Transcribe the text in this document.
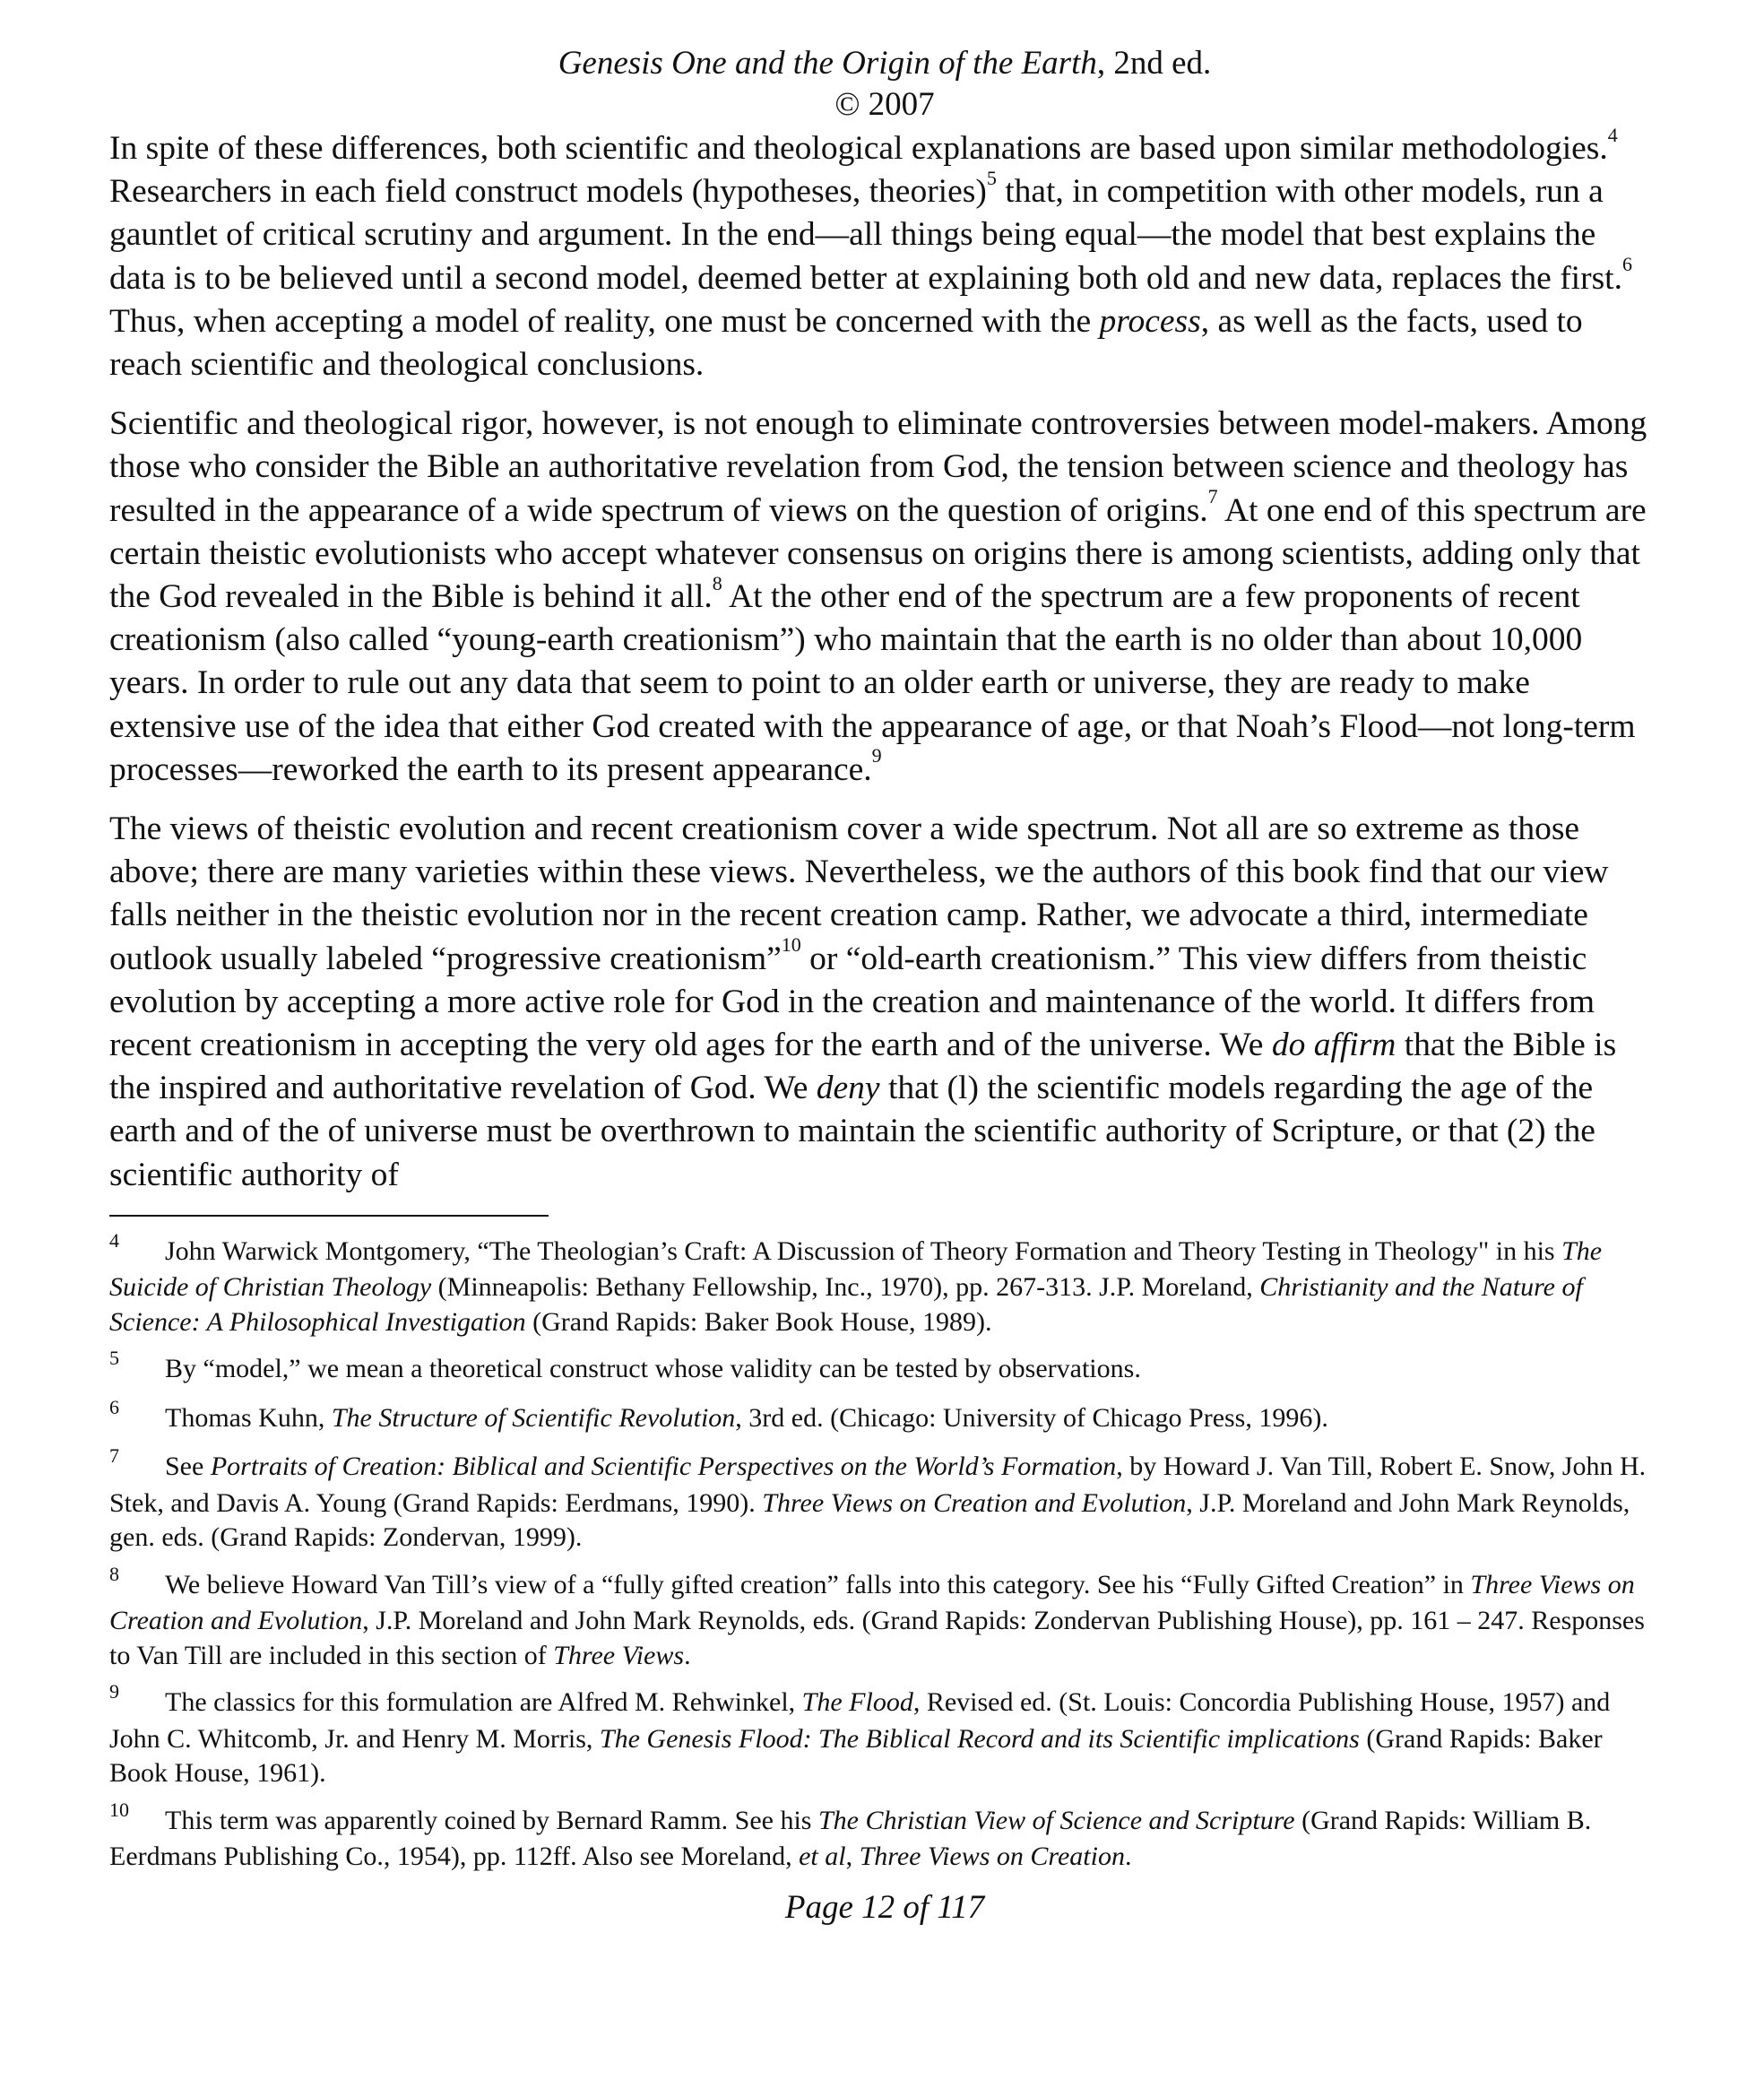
Genesis One and the Origin of the Earth, 2nd ed.
© 2007

In spite of these differences, both scientific and theological explanations are based upon similar methodologies.$^4$ Researchers in each field construct models (hypotheses, theories)$^5$ that, in competition with other models, run a gauntlet of critical scrutiny and argument. In the end—all things being equal—the model that best explains the data is to be believed until a second model, deemed better at explaining both old and new data, replaces the first.$^6$ Thus, when accepting a model of reality, one must be concerned with the process, as well as the facts, used to reach scientific and theological conclusions.

Scientific and theological rigor, however, is not enough to eliminate controversies between model-makers. Among those who consider the Bible an authoritative revelation from God, the tension between science and theology has resulted in the appearance of a wide spectrum of views on the question of origins.$^7$ At one end of this spectrum are certain theistic evolutionists who accept whatever consensus on origins there is among scientists, adding only that the God revealed in the Bible is behind it all.$^8$ At the other end of the spectrum are a few proponents of recent creationism (also called “young-earth creationism”) who maintain that the earth is no older than about 10,000 years. In order to rule out any data that seem to point to an older earth or universe, they are ready to make extensive use of the idea that either God created with the appearance of age, or that Noah’s Flood—not long-term processes—reworked the earth to its present appearance.$^9$

The views of theistic evolution and recent creationism cover a wide spectrum. Not all are so extreme as those above; there are many varieties within these views. Nevertheless, we the authors of this book find that our view falls neither in the theistic evolution nor in the recent creation camp. Rather, we advocate a third, intermediate outlook usually labeled “progressive creationism”$^{10}$ or “old-earth creationism.” This view differs from theistic evolution by accepting a more active role for God in the creation and maintenance of the world. It differs from recent creationism in accepting the very old ages for the earth and of the universe. We do affirm that the Bible is the inspired and authoritative revelation of God. We deny that (l) the scientific models regarding the age of the earth and of the of universe must be overthrown to maintain the scientific authority of Scripture, or that (2) the scientific authority of

4 John Warwick Montgomery, “The Theologian’s Craft: A Discussion of Theory Formation and Theory Testing in Theology" in his The Suicide of Christian Theology (Minneapolis: Bethany Fellowship, Inc., 1970), pp. 267-313. J.P. Moreland, Christianity and the Nature of Science: A Philosophical Investigation (Grand Rapids: Baker Book House, 1989).

5 By “model,” we mean a theoretical construct whose validity can be tested by observations.

6 Thomas Kuhn, The Structure of Scientific Revolution, 3rd ed. (Chicago: University of Chicago Press, 1996).

7 See Portraits of Creation: Biblical and Scientific Perspectives on the World’s Formation, by Howard J. Van Till, Robert E. Snow, John H. Stek, and Davis A. Young (Grand Rapids: Eerdmans, 1990). Three Views on Creation and Evolution, J.P. Moreland and John Mark Reynolds, gen. eds. (Grand Rapids: Zondervan, 1999).

8 We believe Howard Van Till’s view of a “fully gifted creation” falls into this category. See his “Fully Gifted Creation” in Three Views on Creation and Evolution, J.P. Moreland and John Mark Reynolds, eds. (Grand Rapids: Zondervan Publishing House), pp. 161 – 247. Responses to Van Till are included in this section of Three Views.

9 The classics for this formulation are Alfred M. Rehwinkel, The Flood, Revised ed. (St. Louis: Concordia Publishing House, 1957) and John C. Whitcomb, Jr. and Henry M. Morris, The Genesis Flood: The Biblical Record and its Scientific implications (Grand Rapids: Baker Book House, 1961).

10 This term was apparently coined by Bernard Ramm. See his The Christian View of Science and Scripture (Grand Rapids: William B. Eerdmans Publishing Co., 1954), pp. 112ff. Also see Moreland, et al, Three Views on Creation.

Page 12 of 117
